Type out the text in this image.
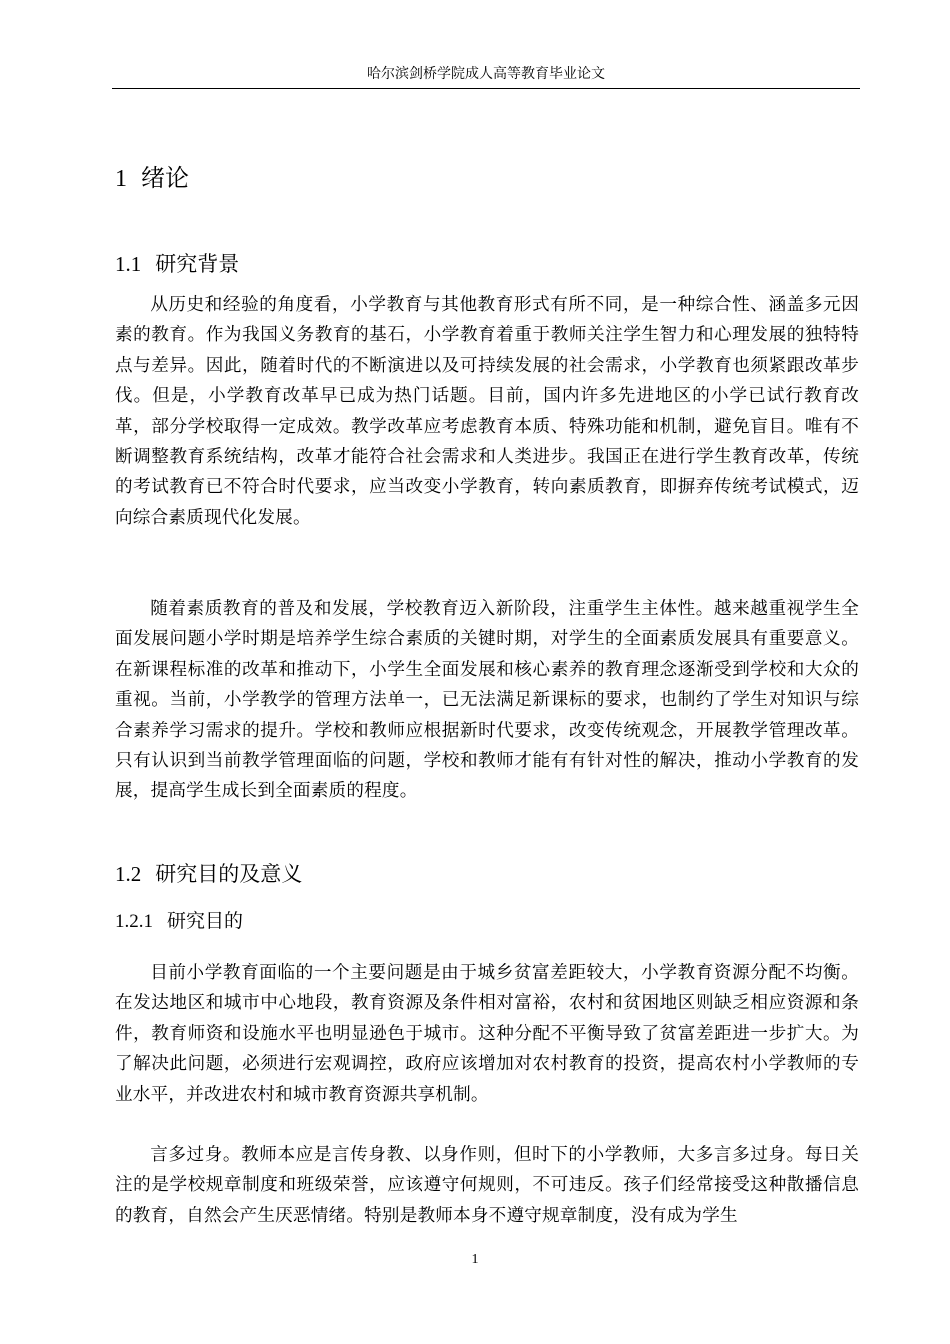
哈尔滨剑桥学院成人高等教育毕业论文
1 绪论
1.1 研究背景

从历史和经验的角度看，小学教育与其他教育形式有所不同，是一种综合性、涵盖多元因素的教育。作为我国义务教育的基石，小学教育着重于教师关注学生智力和心理发展的独特特点与差异。因此，随着时代的不断演进以及可持续发展的社会需求，小学教育也须紧跟改革步伐。但是，小学教育改革早已成为热门话题。目前，国内许多先进地区的小学已试行教育改革，部分学校取得一定成效。教学改革应考虑教育本质、特殊功能和机制，避免盲目。唯有不断调整教育系统结构，改革才能符合社会需求和人类进步。我国正在进行学生教育改革，传统的考试教育已不符合时代要求，应当改变小学教育，转向素质教育，即摒弃传统考试模式，迈向综合素质现代化发展。

随着素质教育的普及和发展，学校教育迈入新阶段，注重学生主体性。越来越重视学生全面发展问题小学时期是培养学生综合素质的关键时期，对学生的全面素质发展具有重要意义。在新课程标准的改革和推动下，小学生全面发展和核心素养的教育理念逐渐受到学校和大众的重视。当前，小学教学的管理方法单一，已无法满足新课标的要求，也制约了学生对知识与综合素养学习需求的提升。学校和教师应根据新时代要求，改变传统观念，开展教学管理改革。只有认识到当前教学管理面临的问题，学校和教师才能有有针对性的解决，推动小学教育的发展，提高学生成长到全面素质的程度。

1.2 研究目的及意义
1.2.1 研究目的

目前小学教育面临的一个主要问题是由于城乡贫富差距较大，小学教育资源分配不均衡。在发达地区和城市中心地段，教育资源及条件相对富裕，农村和贫困地区则缺乏相应资源和条件，教育师资和设施水平也明显逊色于城市。这种分配不平衡导致了贫富差距进一步扩大。为了解决此问题，必须进行宏观调控，政府应该增加对农村教育的投资，提高农村小学教师的专业水平，并改进农村和城市教育资源共享机制。

言多过身。教师本应是言传身教、以身作则，但时下的小学教师，大多言多过身。每日关注的是学校规章制度和班级荣誉，应该遵守何规则，不可违反。孩子们经常接受这种散播信息的教育，自然会产生厌恶情绪。特别是教师本身不遵守规章制度，没有成为学生

1
